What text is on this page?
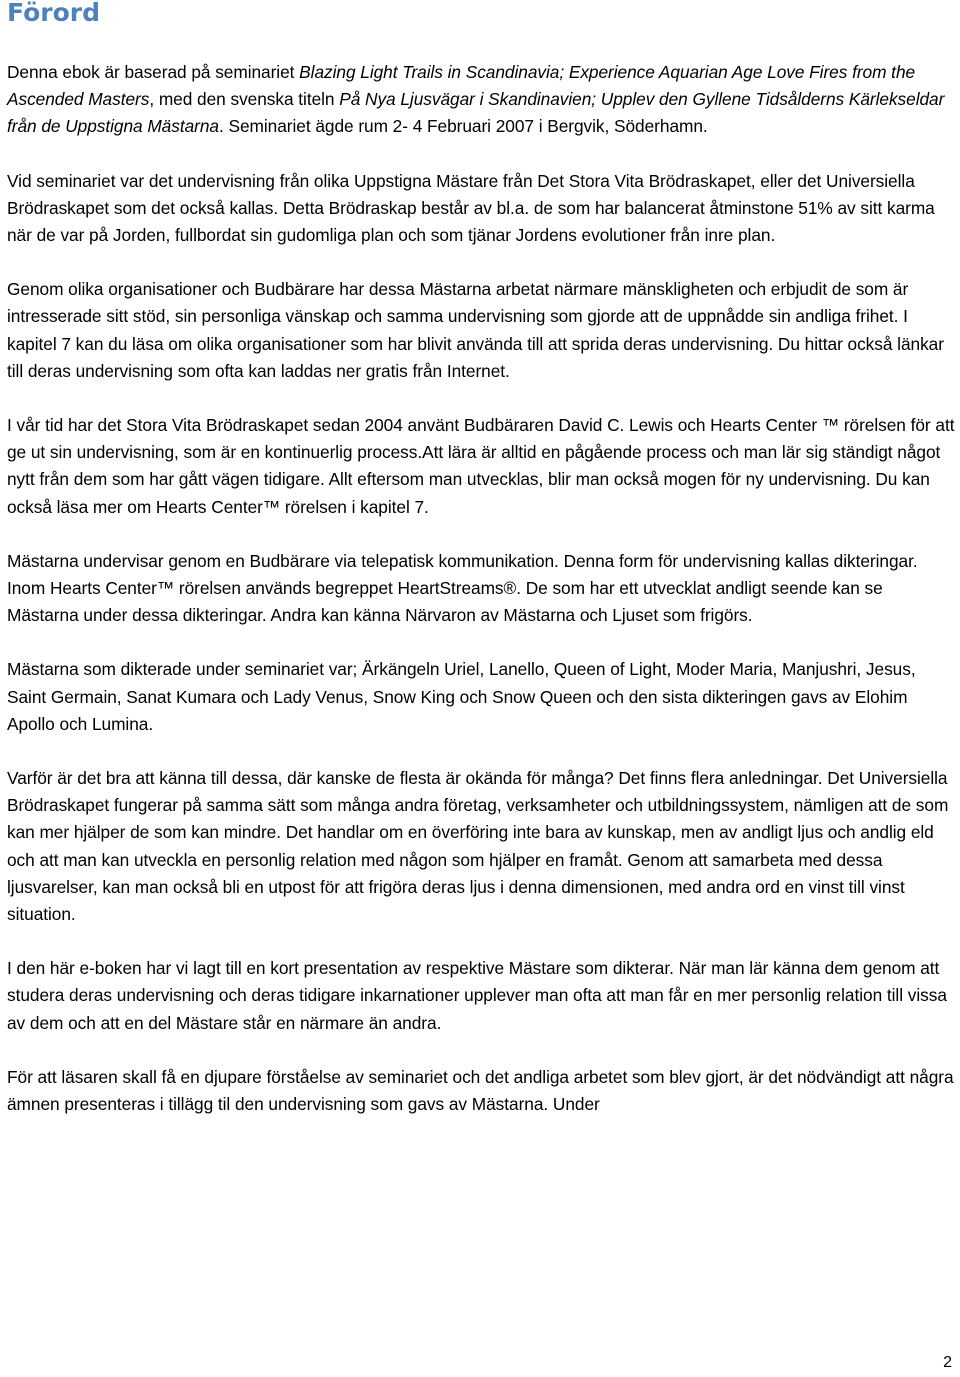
Förord

Denna ebok är baserad på seminariet Blazing Light Trails in Scandinavia; Experience Aquarian Age Love Fires from the Ascended Masters, med den svenska titeln På Nya Ljusvägar i Skandinavien; Upplev den Gyllene Tidsålderns Kärlekseldar från de Uppstigna Mästarna. Seminariet ägde rum 2- 4 Februari 2007 i Bergvik, Söderhamn.

Vid seminariet var det undervisning från olika Uppstigna Mästare från Det Stora Vita Brödraskapet, eller det Universiella Brödraskapet som det också kallas. Detta Brödraskap består av bl.a. de som har balancerat åtminstone 51% av sitt karma när de var på Jorden, fullbordat sin gudomliga plan och som tjänar Jordens evolutioner från inre plan.

Genom olika organisationer och Budbärare har dessa Mästarna arbetat närmare mänskligheten och erbjudit de som är intresserade sitt stöd, sin personliga vänskap och samma undervisning som gjorde att de uppnådde sin andliga frihet. I kapitel 7 kan du läsa om olika organisationer som har blivit använda till att sprida deras undervisning. Du hittar också länkar till deras undervisning som ofta kan laddas ner gratis från Internet.

I vår tid har det Stora Vita Brödraskapet sedan 2004 använt Budbäraren David C. Lewis och Hearts Center ™ rörelsen för att ge ut sin undervisning, som är en kontinuerlig process.Att lära är alltid en pågående process och man lär sig ständigt något nytt från dem som har gått vägen tidigare. Allt eftersom man utvecklas, blir man också mogen för ny undervisning. Du kan också läsa mer om Hearts Center™ rörelsen i kapitel 7.

Mästarna undervisar genom en Budbärare via telepatisk kommunikation. Denna form för undervisning kallas dikteringar. Inom Hearts Center™ rörelsen används begreppet HeartStreams®. De som har ett utvecklat andligt seende kan se Mästarna under dessa dikteringar. Andra kan känna Närvaron av Mästarna och Ljuset som frigörs.

Mästarna som dikterade under seminariet var; Ärkängeln Uriel, Lanello, Queen of Light, Moder Maria, Manjushri, Jesus, Saint Germain, Sanat Kumara och Lady Venus, Snow King och Snow Queen och den sista dikteringen gavs av Elohim Apollo och Lumina.

Varför är det bra att känna till dessa, där kanske de flesta är okända för många? Det finns flera anledningar. Det Universiella Brödraskapet fungerar på samma sätt som många andra företag, verksamheter och utbildningssystem, nämligen att de som kan mer hjälper de som kan mindre. Det handlar om en överföring inte bara av kunskap, men av andligt ljus och andlig eld och att man kan utveckla en personlig relation med någon som hjälper en framåt. Genom att samarbeta med dessa ljusvarelser, kan man också bli en utpost för att frigöra deras ljus i denna dimensionen, med andra ord en vinst till vinst situation.

I den här e-boken har vi lagt till en kort presentation av respektive Mästare som dikterar. När man lär känna dem genom att studera deras undervisning och deras tidigare inkarnationer upplever man ofta att man får en mer personlig relation till vissa av dem och att en del Mästare står en närmare än andra.

För att läsaren skall få en djupare förståelse av seminariet och det andliga arbetet som blev gjort, är det nödvändigt att några ämnen presenteras i tillägg til den undervisning som gavs av Mästarna. Under

2
